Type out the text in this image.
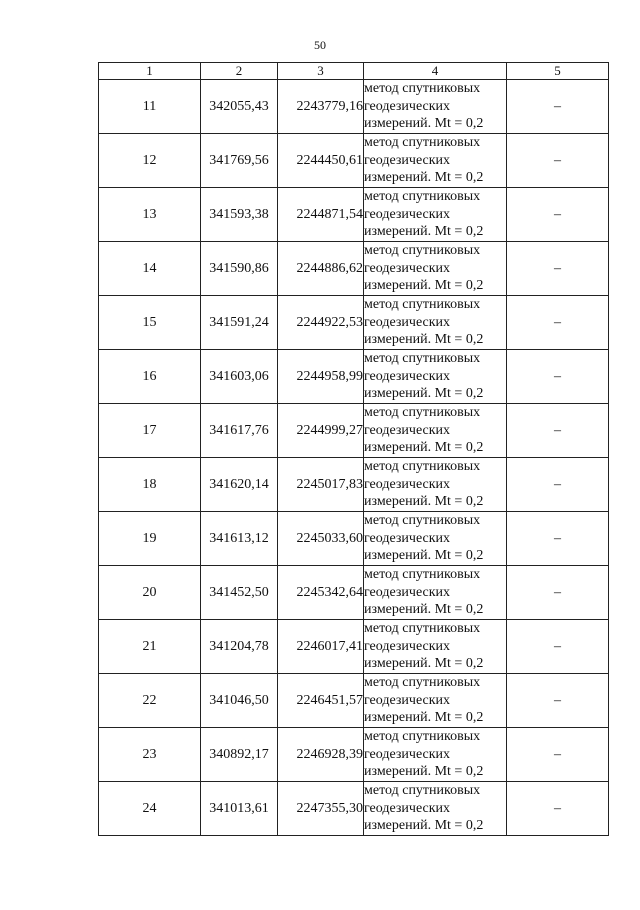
50
1	2	3	4	5
11	342055,43	2243779,16	метод спутниковых геодезических измерений. Mt = 0,2	–
12	341769,56	2244450,61	метод спутниковых геодезических измерений. Mt = 0,2	–
13	341593,38	2244871,54	метод спутниковых геодезических измерений. Mt = 0,2	–
14	341590,86	2244886,62	метод спутниковых геодезических измерений. Mt = 0,2	–
15	341591,24	2244922,53	метод спутниковых геодезических измерений. Mt = 0,2	–
16	341603,06	2244958,99	метод спутниковых геодезических измерений. Mt = 0,2	–
17	341617,76	2244999,27	метод спутниковых геодезических измерений. Mt = 0,2	–
18	341620,14	2245017,83	метод спутниковых геодезических измерений. Mt = 0,2	–
19	341613,12	2245033,60	метод спутниковых геодезических измерений. Mt = 0,2	–
20	341452,50	2245342,64	метод спутниковых геодезических измерений. Mt = 0,2	–
21	341204,78	2246017,41	метод спутниковых геодезических измерений. Mt = 0,2	–
22	341046,50	2246451,57	метод спутниковых геодезических измерений. Mt = 0,2	–
23	340892,17	2246928,39	метод спутниковых геодезических измерений. Mt = 0,2	–
24	341013,61	2247355,30	метод спутниковых геодезических измерений. Mt = 0,2	–
